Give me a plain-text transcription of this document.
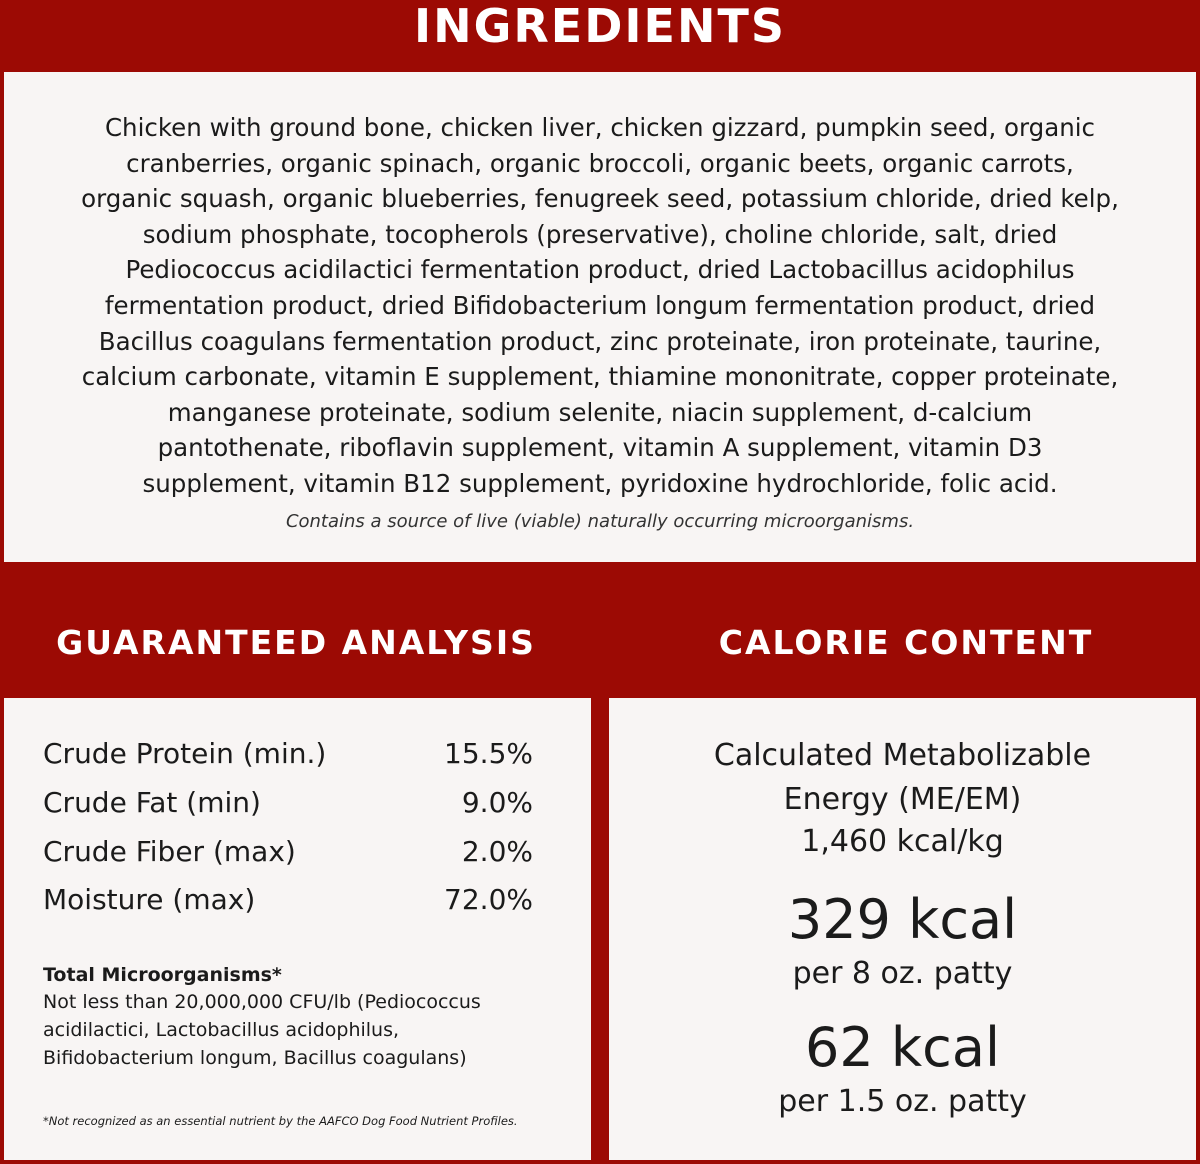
INGREDIENTS

Chicken with ground bone, chicken liver, chicken gizzard, pumpkin seed, organic
cranberries, organic spinach, organic broccoli, organic beets, organic carrots,
organic squash, organic blueberries, fenugreek seed, potassium chloride, dried kelp,
sodium phosphate, tocopherols (preservative), choline chloride, salt, dried
Pediococcus acidilactici fermentation product, dried Lactobacillus acidophilus
fermentation product, dried Bifidobacterium longum fermentation product, dried
Bacillus coagulans fermentation product, zinc proteinate, iron proteinate, taurine,
calcium carbonate, vitamin E supplement, thiamine mononitrate, copper proteinate,
manganese proteinate, sodium selenite, niacin supplement, d-calcium
pantothenate, riboflavin supplement, vitamin A supplement, vitamin D3
supplement, vitamin B12 supplement, pyridoxine hydrochloride, folic acid.

Contains a source of live (viable) naturally occurring microorganisms.

GUARANTEED ANALYSIS	CALORIE CONTENT
Crude Protein (min.)	15.5%
Crude Fat (min)	9.0%
Crude Fiber (max)	2.0%
Moisture (max)	72.0%

Total Microorganisms*

Not less than 20,000,000 CFU/lb (Pediococcus
acidilactici, Lactobacillus acidophilus,
Bifidobacterium longum, Bacillus coagulans)

*Not recognized as an essential nutrient by the AAFCO Dog Food Nutrient Profiles.

Calculated Metabolizable

Energy (ME/EM)

1,460 kcal/kg

329 kcal

per 8 oz. patty

62 kcal

per 1.5 oz. patty
